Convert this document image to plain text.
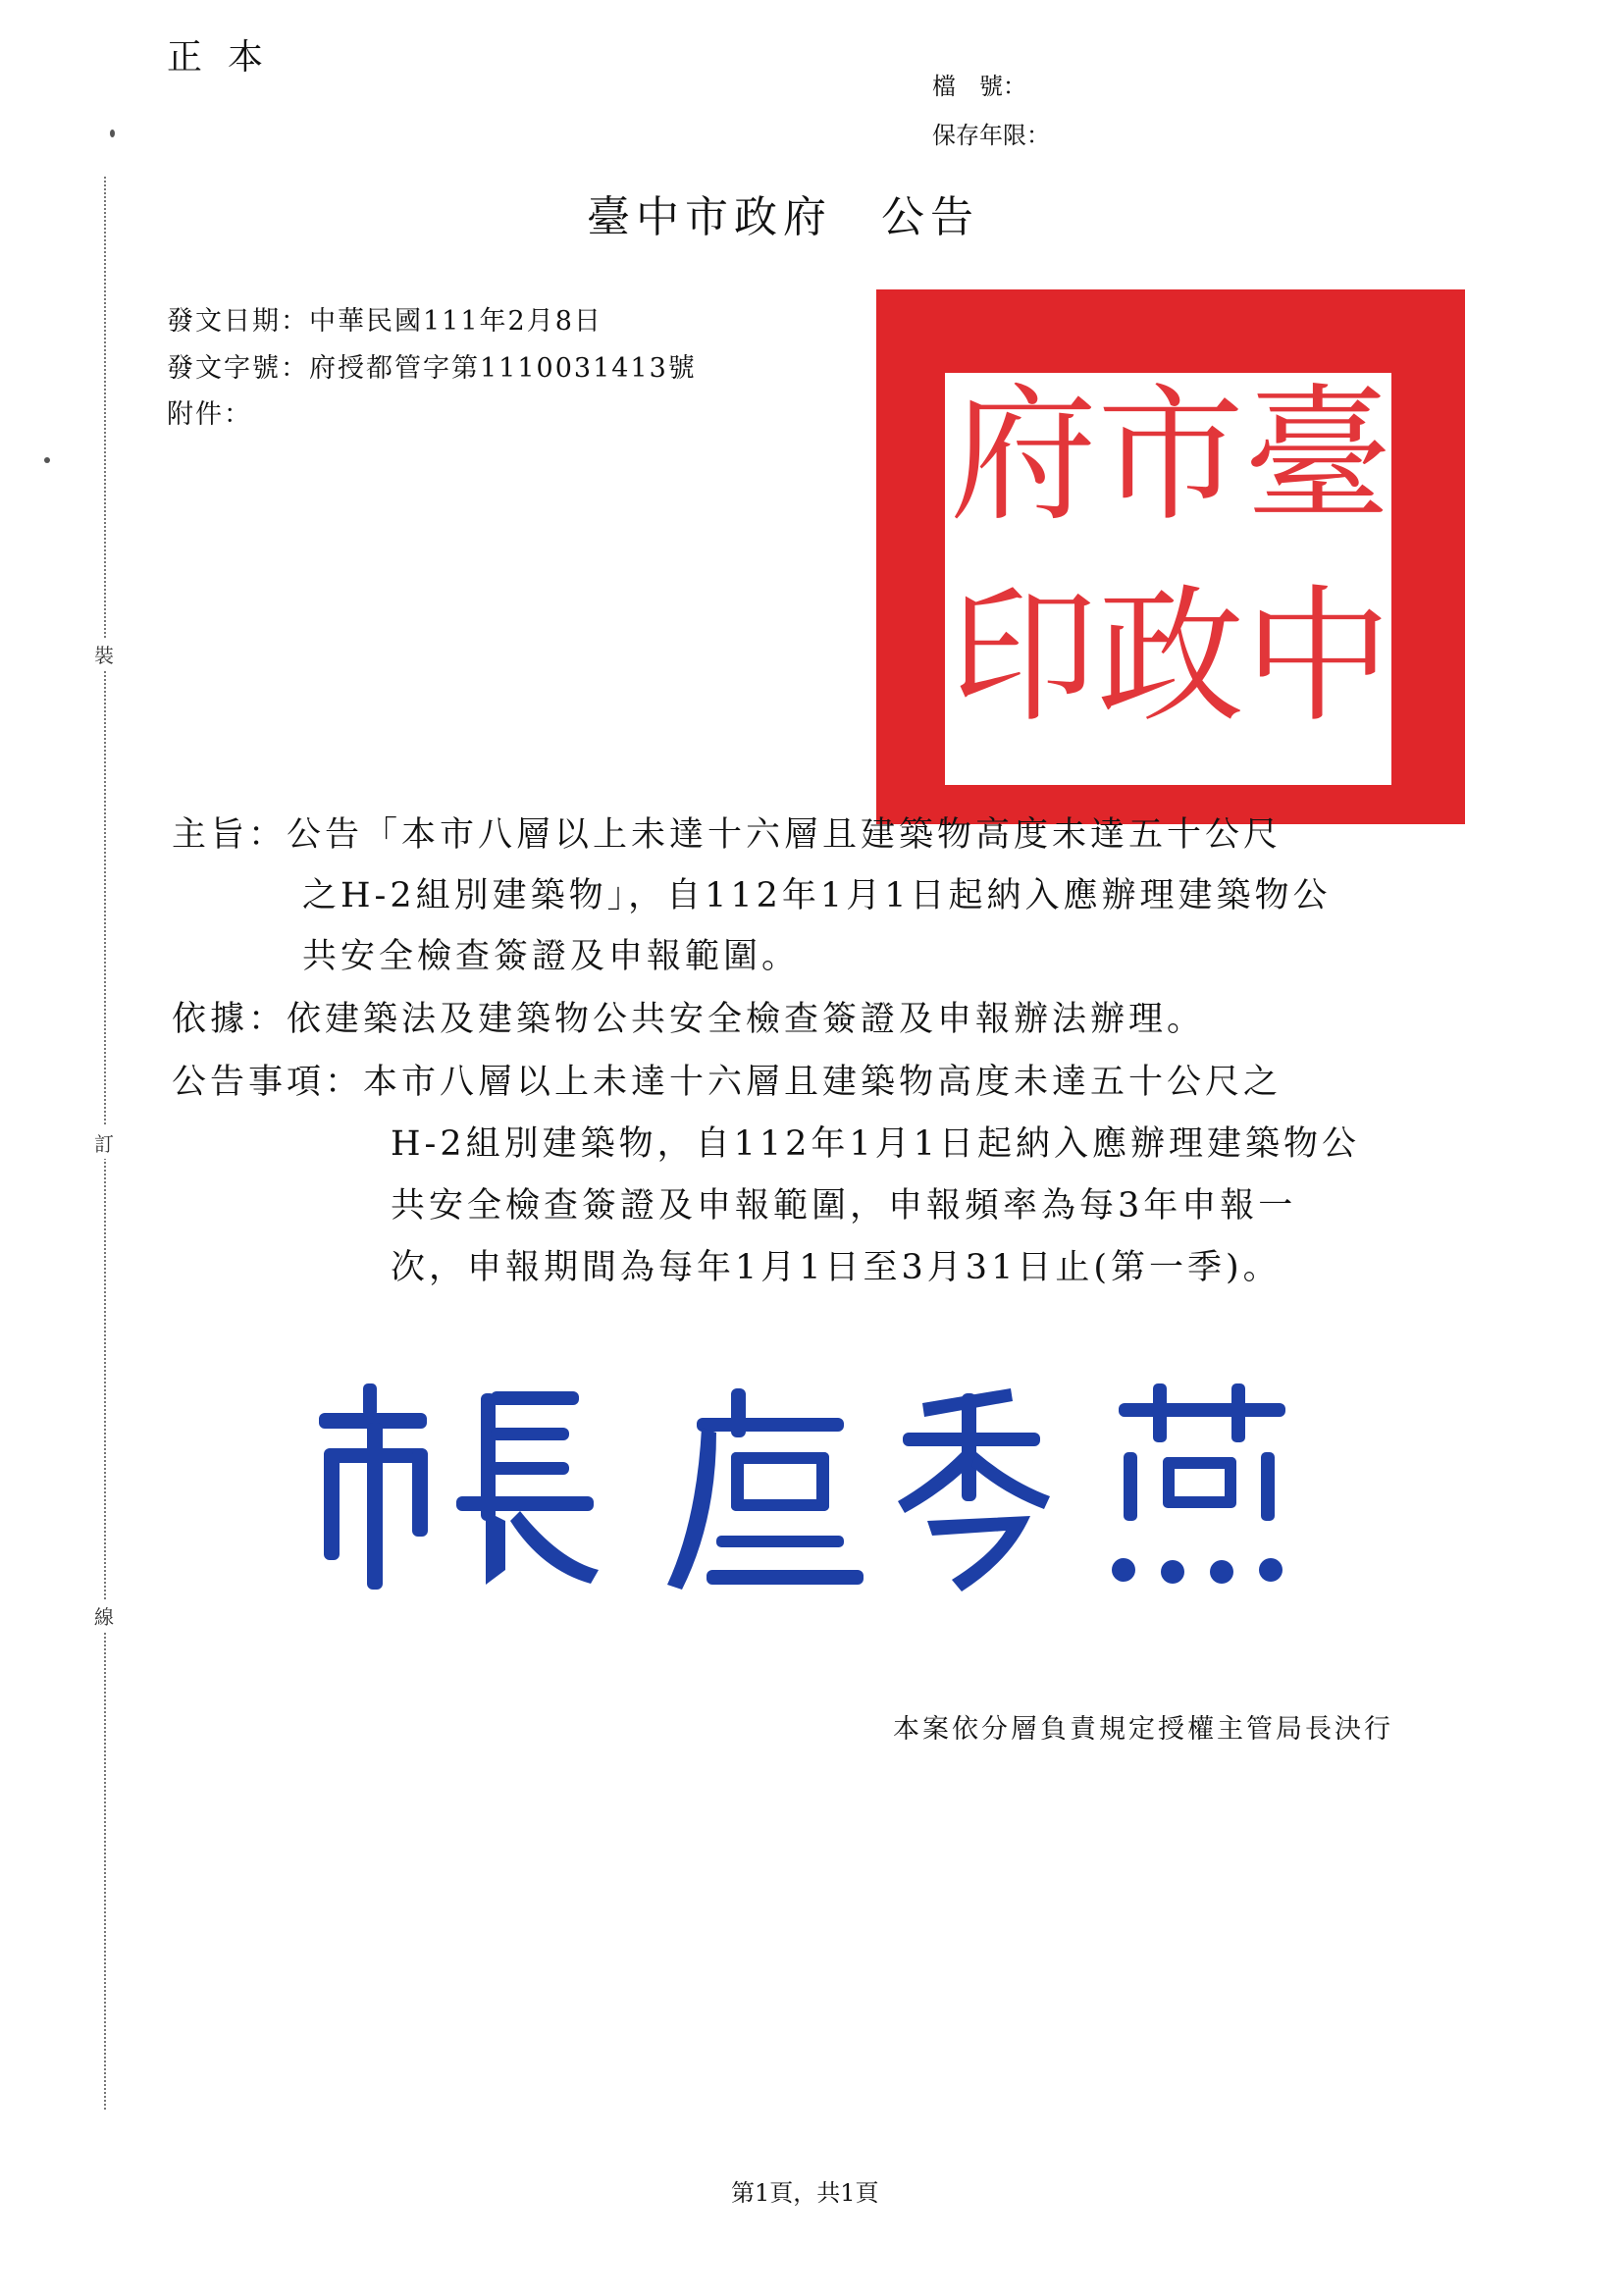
正本
檔　號：
保存年限：
裝
訂
線
臺中市政府　公告
發文日期：中華民國111年2月8日
發文字號：府授都管字第1110031413號
附件：	臺
中
市
政
府
印
主旨：公告「本市八層以上未達十六層且建築物高度未達五十公尺
之H-2組別建築物」，自112年1月1日起納入應辦理建築物公
共安全檢查簽證及申報範圍。
依據：依建築法及建築物公共安全檢查簽證及申報辦法辦理。
公告事項：本市八層以上未達十六層且建築物高度未達五十公尺之
H-2組別建築物，自112年1月1日起納入應辦理建築物公
共安全檢查簽證及申報範圍，申報頻率為每3年申報一
次，申報期間為每年1月1日至3月31日止(第一季)。
本案依分層負責規定授權主管局長決行
第1頁，共1頁
